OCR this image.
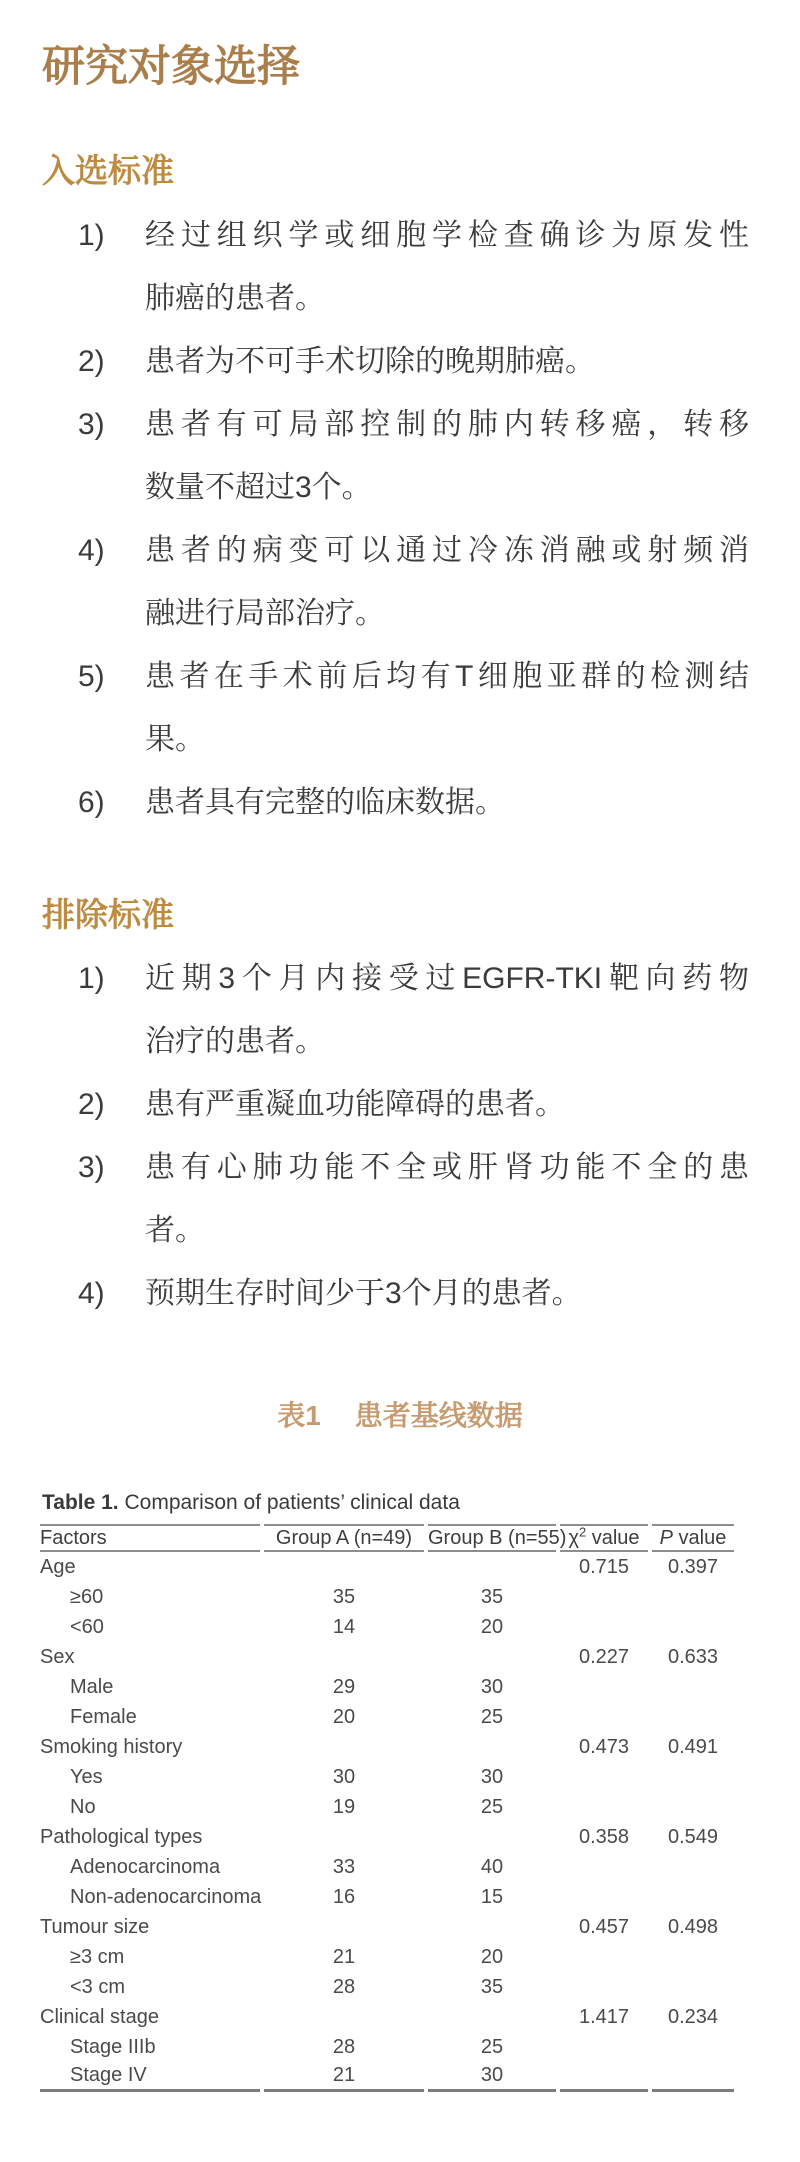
研究对象选择
入选标准
1)	经过组织学或细胞学检查确诊为原发性
肺癌的患者。
2)	患者为不可手术切除的晚期肺癌。
3)	患者有可局部控制的肺内转移癌，转移
数量不超过3个。
4)	患者的病变可以通过冷冻消融或射频消
融进行局部治疗。
5)	患者在手术前后均有T细胞亚群的检测结
果。
6)	患者具有完整的临床数据。
排除标准
1)	近期3个月内接受过EGFR-TKI靶向药物
治疗的患者。
2)	患有严重凝血功能障碍的患者。
3)	患有心肺功能不全或肝肾功能不全的患
者。
4)	预期生存时间少于3个月的患者。
表1 患者基线数据
Table 1. Comparison of patients’ clinical data
Factors	Group A (n=49)	Group B (n=55)	$\chi^2$ value	P value
Age			0.715	0.397
≥60	35	35		
<60	14	20		
Sex			0.227	0.633
Male	29	30		
Female	20	25		
Smoking history			0.473	0.491
Yes	30	30		
No	19	25		
Pathological types			0.358	0.549
Adenocarcinoma	33	40		
Non-adenocarcinoma	16	15		
Tumour size			0.457	0.498
≥3 cm	21	20		
<3 cm	28	35		
Clinical stage			1.417	0.234
Stage IIIb	28	25		
Stage IV	21	30		
